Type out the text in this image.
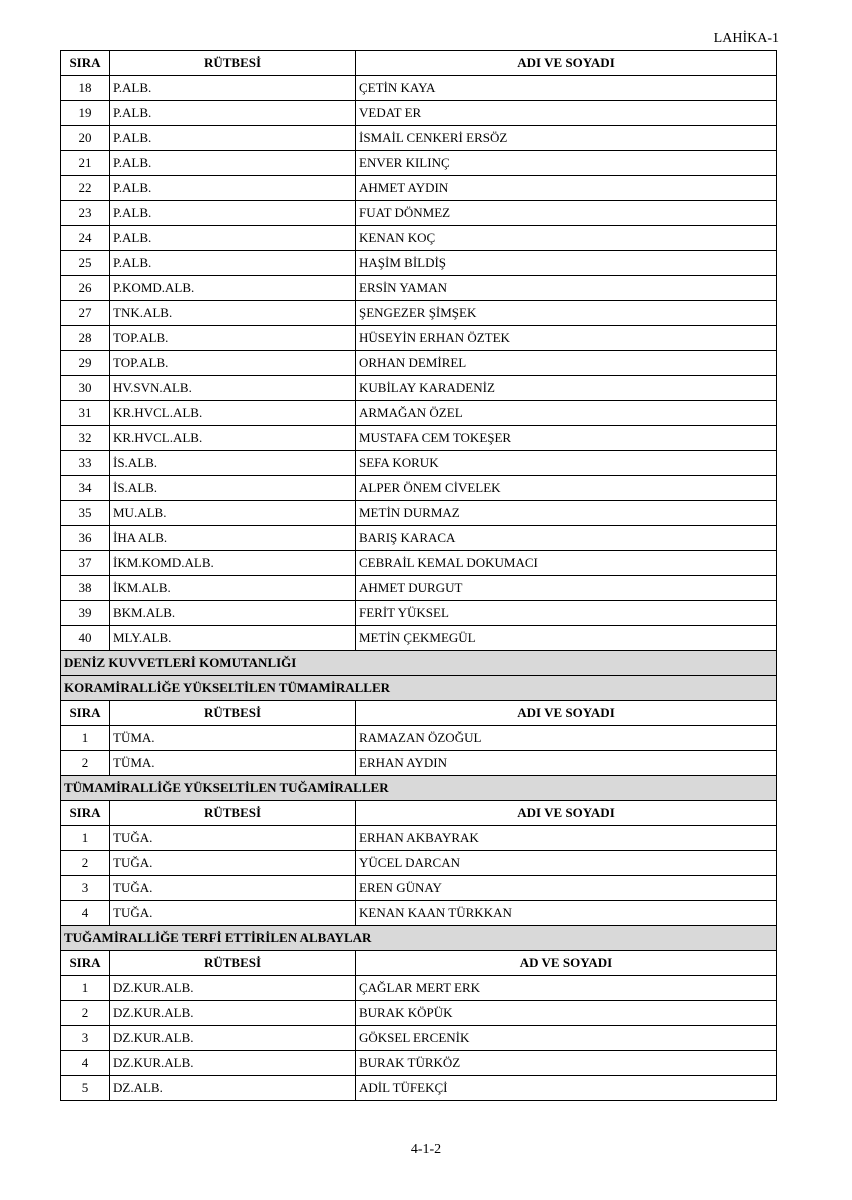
LAHİKA-1
SIRA	RÜTBESİ	ADI VE SOYADI
18	P.ALB.	ÇETİN KAYA
19	P.ALB.	VEDAT ER
20	P.ALB.	İSMAİL CENKERİ ERSÖZ
21	P.ALB.	ENVER KILINÇ
22	P.ALB.	AHMET AYDIN
23	P.ALB.	FUAT DÖNMEZ
24	P.ALB.	KENAN KOÇ
25	P.ALB.	HAŞİM BİLDİŞ
26	P.KOMD.ALB.	ERSİN YAMAN
27	TNK.ALB.	ŞENGEZER ŞİMŞEK
28	TOP.ALB.	HÜSEYİN ERHAN ÖZTEK
29	TOP.ALB.	ORHAN DEMİREL
30	HV.SVN.ALB.	KUBİLAY KARADENİZ
31	KR.HVCL.ALB.	ARMAĞAN ÖZEL
32	KR.HVCL.ALB.	MUSTAFA CEM TOKEŞER
33	İS.ALB.	SEFA KORUK
34	İS.ALB.	ALPER ÖNEM CİVELEK
35	MU.ALB.	METİN DURMAZ
36	İHA ALB.	BARIŞ KARACA
37	İKM.KOMD.ALB.	CEBRAİL KEMAL DOKUMACI
38	İKM.ALB.	AHMET DURGUT
39	BKM.ALB.	FERİT YÜKSEL
40	MLY.ALB.	METİN ÇEKMEGÜL
DENİZ KUVVETLERİ KOMUTANLIĞI		
KORAMİRALLİĞE YÜKSELTİLEN TÜMAMİRALLER		
SIRA	RÜTBESİ	ADI VE SOYADI
1	TÜMA.	RAMAZAN ÖZOĞUL
2	TÜMA.	ERHAN AYDIN
TÜMAMİRALLİĞE YÜKSELTİLEN TUĞAMİRALLER		
SIRA	RÜTBESİ	ADI VE SOYADI
1	TUĞA.	ERHAN AKBAYRAK
2	TUĞA.	YÜCEL DARCAN
3	TUĞA.	EREN GÜNAY
4	TUĞA.	KENAN KAAN TÜRKKAN
TUĞAMİRALLİĞE TERFİ ETTİRİLEN ALBAYLAR		
SIRA	RÜTBESİ	AD VE SOYADI
1	DZ.KUR.ALB.	ÇAĞLAR MERT ERK
2	DZ.KUR.ALB.	BURAK KÖPÜK
3	DZ.KUR.ALB.	GÖKSEL ERCENİK
4	DZ.KUR.ALB.	BURAK TÜRKÖZ
5	DZ.ALB.	ADİL TÜFEKÇİ
4-1-2
